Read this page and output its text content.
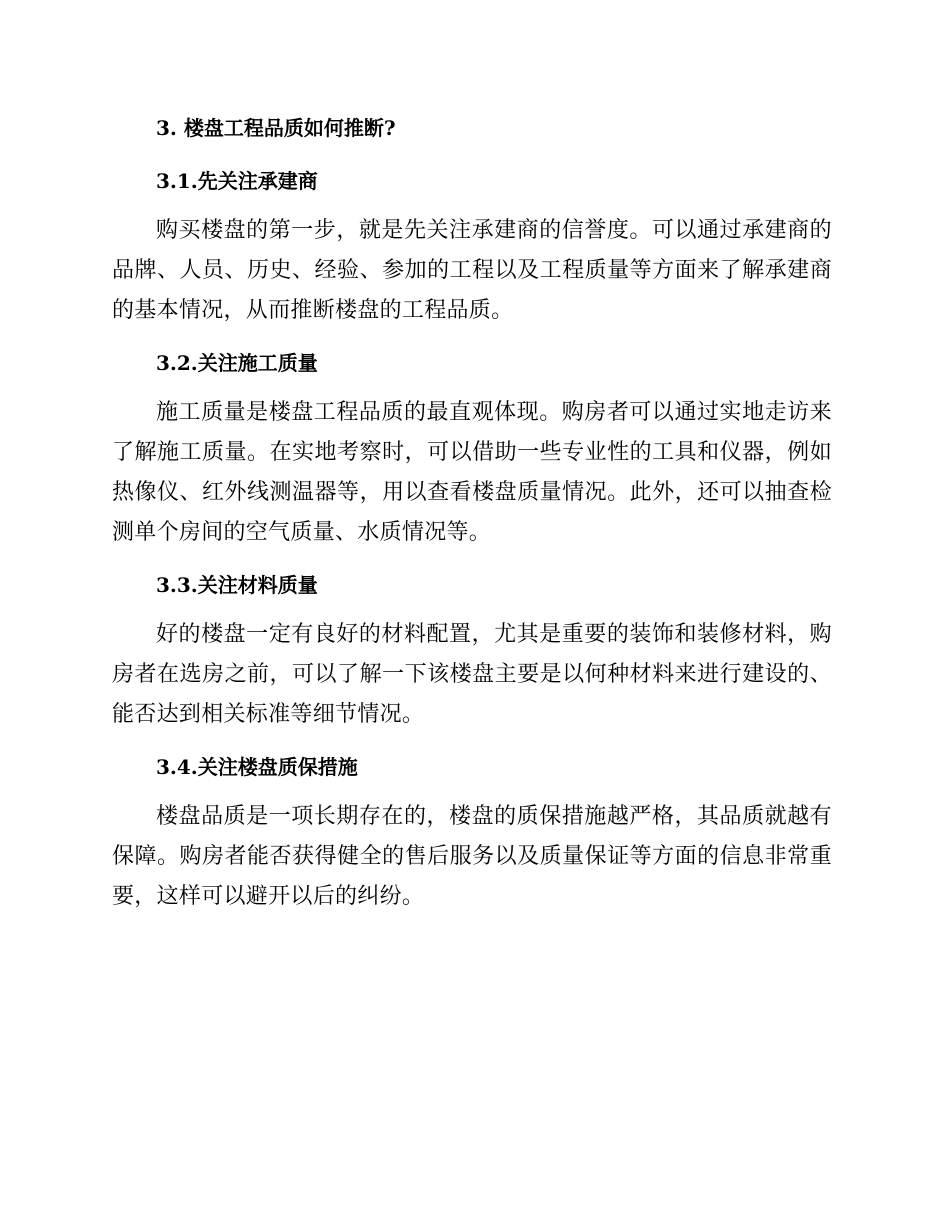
3. 楼盘工程品质如何推断?
3.1.先关注承建商

购买楼盘的第一步，就是先关注承建商的信誉度。可以通过承建商的品牌、人员、历史、经验、参加的工程以及工程质量等方面来了解承建商的基本情况，从而推断楼盘的工程品质。

3.2.关注施工质量

施工质量是楼盘工程品质的最直观体现。购房者可以通过实地走访来了解施工质量。在实地考察时，可以借助一些专业性的工具和仪器，例如热像仪、红外线测温器等，用以查看楼盘质量情况。此外，还可以抽查检测单个房间的空气质量、水质情况等。

3.3.关注材料质量

好的楼盘一定有良好的材料配置，尤其是重要的装饰和装修材料，购房者在选房之前，可以了解一下该楼盘主要是以何种材料来进行建设的、能否达到相关标准等细节情况。

3.4.关注楼盘质保措施

楼盘品质是一项长期存在的，楼盘的质保措施越严格，其品质就越有保障。购房者能否获得健全的售后服务以及质量保证等方面的信息非常重要，这样可以避开以后的纠纷。
